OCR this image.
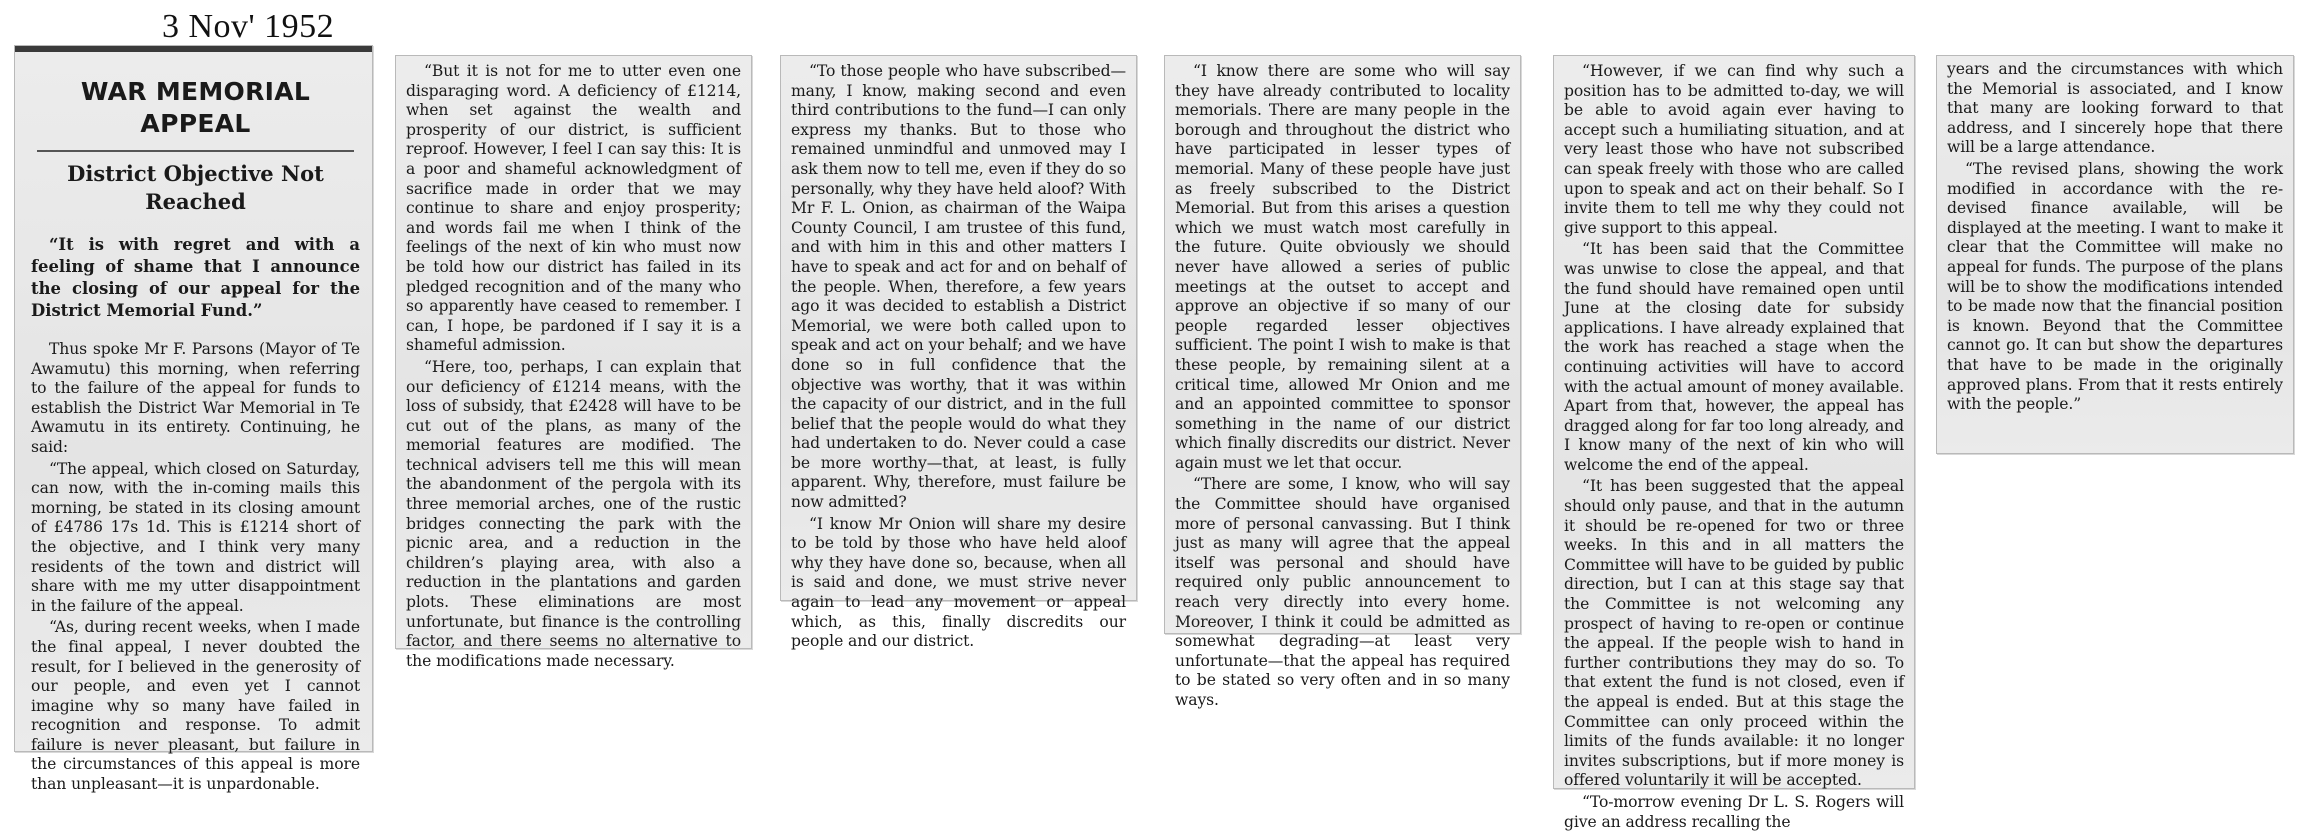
3 Nov' 1952
WAR MEMORIAL APPEAL
District Objective Not Reached
“It is with regret and with a feeling of shame that I announce the closing of our appeal for the District Memorial Fund.”

Thus spoke Mr F. Parsons (Mayor of Te Awamutu) this morning, when referring to the failure of the appeal for funds to establish the District War Memorial in Te Awamutu in its entirety. Continuing, he said:

“The appeal, which closed on Saturday, can now, with the in-coming mails this morning, be stated in its closing amount of £4786 17s 1d. This is £1214 short of the objective, and I think very many residents of the town and district will share with me my utter disappointment in the failure of the appeal.

“As, during recent weeks, when I made the final appeal, I never doubted the result, for I believed in the generosity of our people, and even yet I cannot imagine why so many have failed in recognition and response. To admit failure is never pleasant, but failure in the circumstances of this appeal is more than unpleasant—it is unpardonable.

“But it is not for me to utter even one disparaging word. A deficiency of £1214, when set against the wealth and prosperity of our district, is sufficient reproof. However, I feel I can say this: It is a poor and shameful acknowledgment of sacrifice made in order that we may continue to share and enjoy prosperity; and words fail me when I think of the feelings of the next of kin who must now be told how our district has failed in its pledged recognition and of the many who so apparently have ceased to remember. I can, I hope, be pardoned if I say it is a shameful admission.

“Here, too, perhaps, I can explain that our deficiency of £1214 means, with the loss of subsidy, that £2428 will have to be cut out of the plans, as many of the memorial features are modified. The technical advisers tell me this will mean the abandonment of the pergola with its three memorial arches, one of the rustic bridges connecting the park with the picnic area, and a reduction in the children’s playing area, with also a reduction in the plantations and garden plots. These eliminations are most unfortunate, but finance is the controlling factor, and there seems no alternative to the modifications made necessary.

“To those people who have subscribed—many, I know, making second and even third contributions to the fund—I can only express my thanks. But to those who remained unmindful and unmoved may I ask them now to tell me, even if they do so personally, why they have held aloof? With Mr F. L. Onion, as chairman of the Waipa County Council, I am trustee of this fund, and with him in this and other matters I have to speak and act for and on behalf of the people. When, therefore, a few years ago it was decided to establish a District Memorial, we were both called upon to speak and act on your behalf; and we have done so in full confidence that the objective was worthy, that it was within the capacity of our district, and in the full belief that the people would do what they had undertaken to do. Never could a case be more worthy—that, at least, is fully apparent. Why, therefore, must failure be now admitted?

“I know Mr Onion will share my desire to be told by those who have held aloof why they have done so, because, when all is said and done, we must strive never again to lead any movement or appeal which, as this, finally discredits our people and our district.

“I know there are some who will say they have already contributed to locality memorials. There are many people in the borough and throughout the district who have participated in lesser types of memorial. Many of these people have just as freely subscribed to the District Memorial. But from this arises a question which we must watch most carefully in the future. Quite obviously we should never have allowed a series of public meetings at the outset to accept and approve an objective if so many of our people regarded lesser objectives sufficient. The point I wish to make is that these people, by remaining silent at a critical time, allowed Mr Onion and me and an appointed committee to sponsor something in the name of our district which finally discredits our district. Never again must we let that occur.

“There are some, I know, who will say the Committee should have organised more of personal canvassing. But I think just as many will agree that the appeal itself was personal and should have required only public announcement to reach very directly into every home. Moreover, I think it could be admitted as somewhat degrading—at least very unfortunate—that the appeal has required to be stated so very often and in so many ways.

“However, if we can find why such a position has to be admitted to-day, we will be able to avoid again ever having to accept such a humiliating situation, and at very least those who have not subscribed can speak freely with those who are called upon to speak and act on their behalf. So I invite them to tell me why they could not give support to this appeal.

“It has been said that the Committee was unwise to close the appeal, and that the fund should have remained open until June at the closing date for subsidy applications. I have already explained that the work has reached a stage when the continuing activities will have to accord with the actual amount of money available. Apart from that, however, the appeal has dragged along for far too long already, and I know many of the next of kin who will welcome the end of the appeal.

“It has been suggested that the appeal should only pause, and that in the autumn it should be re-opened for two or three weeks. In this and in all matters the Committee will have to be guided by public direction, but I can at this stage say that the Committee is not welcoming any prospect of having to re-open or continue the appeal. If the people wish to hand in further contributions they may do so. To that extent the fund is not closed, even if the appeal is ended. But at this stage the Committee can only proceed within the limits of the funds available: it no longer invites subscriptions, but if more money is offered voluntarily it will be accepted.

“To-morrow evening Dr L. S. Rogers will give an address recalling the

years and the circumstances with which the Memorial is associated, and I know that many are looking forward to that address, and I sincerely hope that there will be a large attendance.

“The revised plans, showing the work modified in accordance with the re-devised finance available, will be displayed at the meeting. I want to make it clear that the Committee will make no appeal for funds. The purpose of the plans will be to show the modifications intended to be made now that the financial position is known. Beyond that the Committee cannot go. It can but show the departures that have to be made in the originally approved plans. From that it rests entirely with the people.”
